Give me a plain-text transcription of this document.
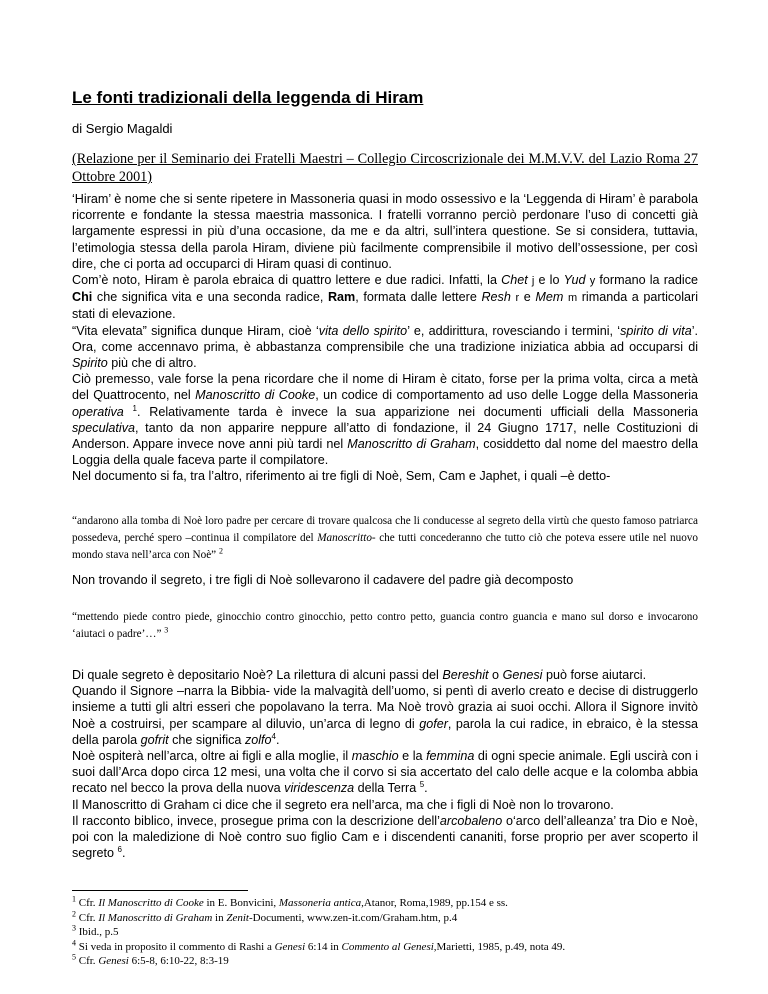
Le fonti tradizionali della leggenda di Hiram

di Sergio Magaldi

(Relazione per il Seminario dei Fratelli Maestri – Collegio Circoscrizionale dei M.M.V.V. del Lazio Roma 27 Ottobre 2001)

‘Hiram’ è nome che si sente ripetere in Massoneria quasi in modo ossessivo e la ‘Leggenda di Hiram’ è parabola ricorrente e fondante la stessa maestria massonica. I fratelli vorranno perciò perdonare l’uso di concetti già largamente espressi in più d’una occasione, da me e da altri, sull’intera questione. Se si considera, tuttavia, l’etimologia stessa della parola Hiram, diviene più facilmente comprensibile il motivo dell’ossessione, per così dire, che ci porta ad occuparci di Hiram quasi di continuo.

Com’è noto, Hiram è parola ebraica di quattro lettere e due radici. Infatti, la Chet j e lo Yud y formano la radice Chi che significa vita e una seconda radice, Ram, formata dalle lettere Resh r e Mem m rimanda a particolari stati di elevazione.

“Vita elevata” significa dunque Hiram, cioè ‘vita dello spirito’ e, addirittura, rovesciando i termini, ‘spirito di vita’. Ora, come accennavo prima, è abbastanza comprensibile che una tradizione iniziatica abbia ad occuparsi di Spirito più che di altro.

Ciò premesso, vale forse la pena ricordare che il nome di Hiram è citato, forse per la prima volta, circa a metà del Quattrocento, nel Manoscritto di Cooke, un codice di comportamento ad uso delle Logge della Massoneria operativa $^1$. Relativamente tarda è invece la sua apparizione nei documenti ufficiali della Massoneria speculativa, tanto da non apparire neppure all’atto di fondazione, il 24 Giugno 1717, nelle Costituzioni di Anderson. Appare invece nove anni più tardi nel Manoscritto di Graham, cosiddetto dal nome del maestro della Loggia della quale faceva parte il compilatore.

Nel documento si fa, tra l’altro, riferimento ai tre figli di Noè, Sem, Cam e Japhet, i quali –è detto-

“andarono alla tomba di Noè loro padre per cercare di trovare qualcosa che li conducesse al segreto della virtù che questo famoso patriarca possedeva, perché spero –continua il compilatore del Manoscritto- che tutti concederanno che tutto ciò che poteva essere utile nel nuovo mondo stava nell’arca con Noè” $^2$

Non trovando il segreto, i tre figli di Noè sollevarono il cadavere del padre già decomposto

“mettendo piede contro piede, ginocchio contro ginocchio, petto contro petto, guancia contro guancia e mano sul dorso e invocarono ‘aiutaci o padre’…” $^3$

Di quale segreto è depositario Noè? La rilettura di alcuni passi del Bereshit o Genesi può forse aiutarci.

Quando il Signore –narra la Bibbia- vide la malvagità dell’uomo, si pentì di averlo creato e decise di distruggerlo insieme a tutti gli altri esseri che popolavano la terra. Ma Noè trovò grazia ai suoi occhi. Allora il Signore invitò Noè a costruirsi, per scampare al diluvio, un’arca di legno di gofer, parola la cui radice, in ebraico, è la stessa della parola gofrit che significa zolfo$^4$.

Noè ospiterà nell’arca, oltre ai figli e alla moglie, il maschio e la femmina di ogni specie animale. Egli uscirà con i suoi dall’Arca dopo circa 12 mesi, una volta che il corvo si sia accertato del calo delle acque e la colomba abbia recato nel becco la prova della nuova viridescenza della Terra $^5$.

Il Manoscritto di Graham ci dice che il segreto era nell’arca, ma che i figli di Noè non lo trovarono.

Il racconto biblico, invece, prosegue prima con la descrizione dell’arcobaleno o‘arco dell’alleanza’ tra Dio e Noè, poi con la maledizione di Noè contro suo figlio Cam e i discendenti cananiti, forse proprio per aver scoperto il segreto $^6$.

$^1$ Cfr. Il Manoscritto di Cooke in E. Bonvicini, Massoneria antica,Atanor, Roma,1989, pp.154 e ss.
$^2$ Cfr. Il Manoscritto di Graham in Zenit-Documenti, www.zen-it.com/Graham.htm, p.4
$^3$ Ibid., p.5
$^4$ Si veda in proposito il commento di Rashi a Genesi 6:14 in Commento al Genesi,Marietti, 1985, p.49, nota 49.
$^5$ Cfr. Genesi 6:5-8, 6:10-22, 8:3-19
